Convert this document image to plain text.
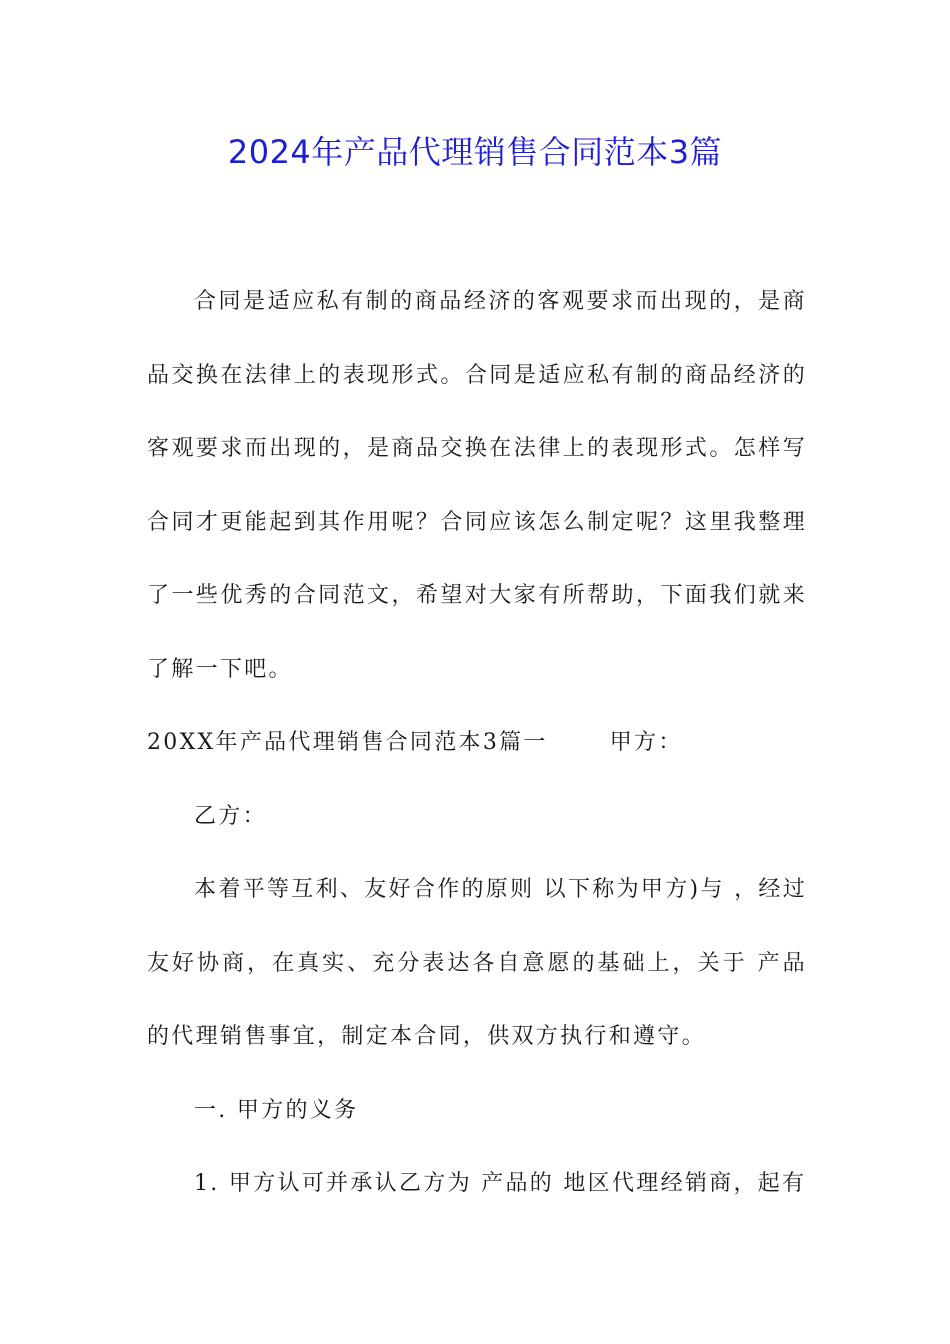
2024年产品代理销售合同范本3篇

合同是适应私有制的商品经济的客观要求而出现的，是商品交换在法律上的表现形式。合同是适应私有制的商品经济的客观要求而出现的，是商品交换在法律上的表现形式。怎样写合同才更能起到其作用呢？合同应该怎么制定呢？这里我整理了一些优秀的合同范文，希望对大家有所帮助，下面我们就来了解一下吧。

20XX年产品代理销售合同范本3篇一	甲方：

乙方：

本着平等互利、友好合作的原则 以下称为甲方)与 ，经过友好协商，在真实、充分表达各自意愿的基础上，关于 产品的代理销售事宜，制定本合同，供双方执行和遵守。

一. 甲方的义务

1. 甲方认可并承认乙方为 产品的 地区代理经销商，起有
